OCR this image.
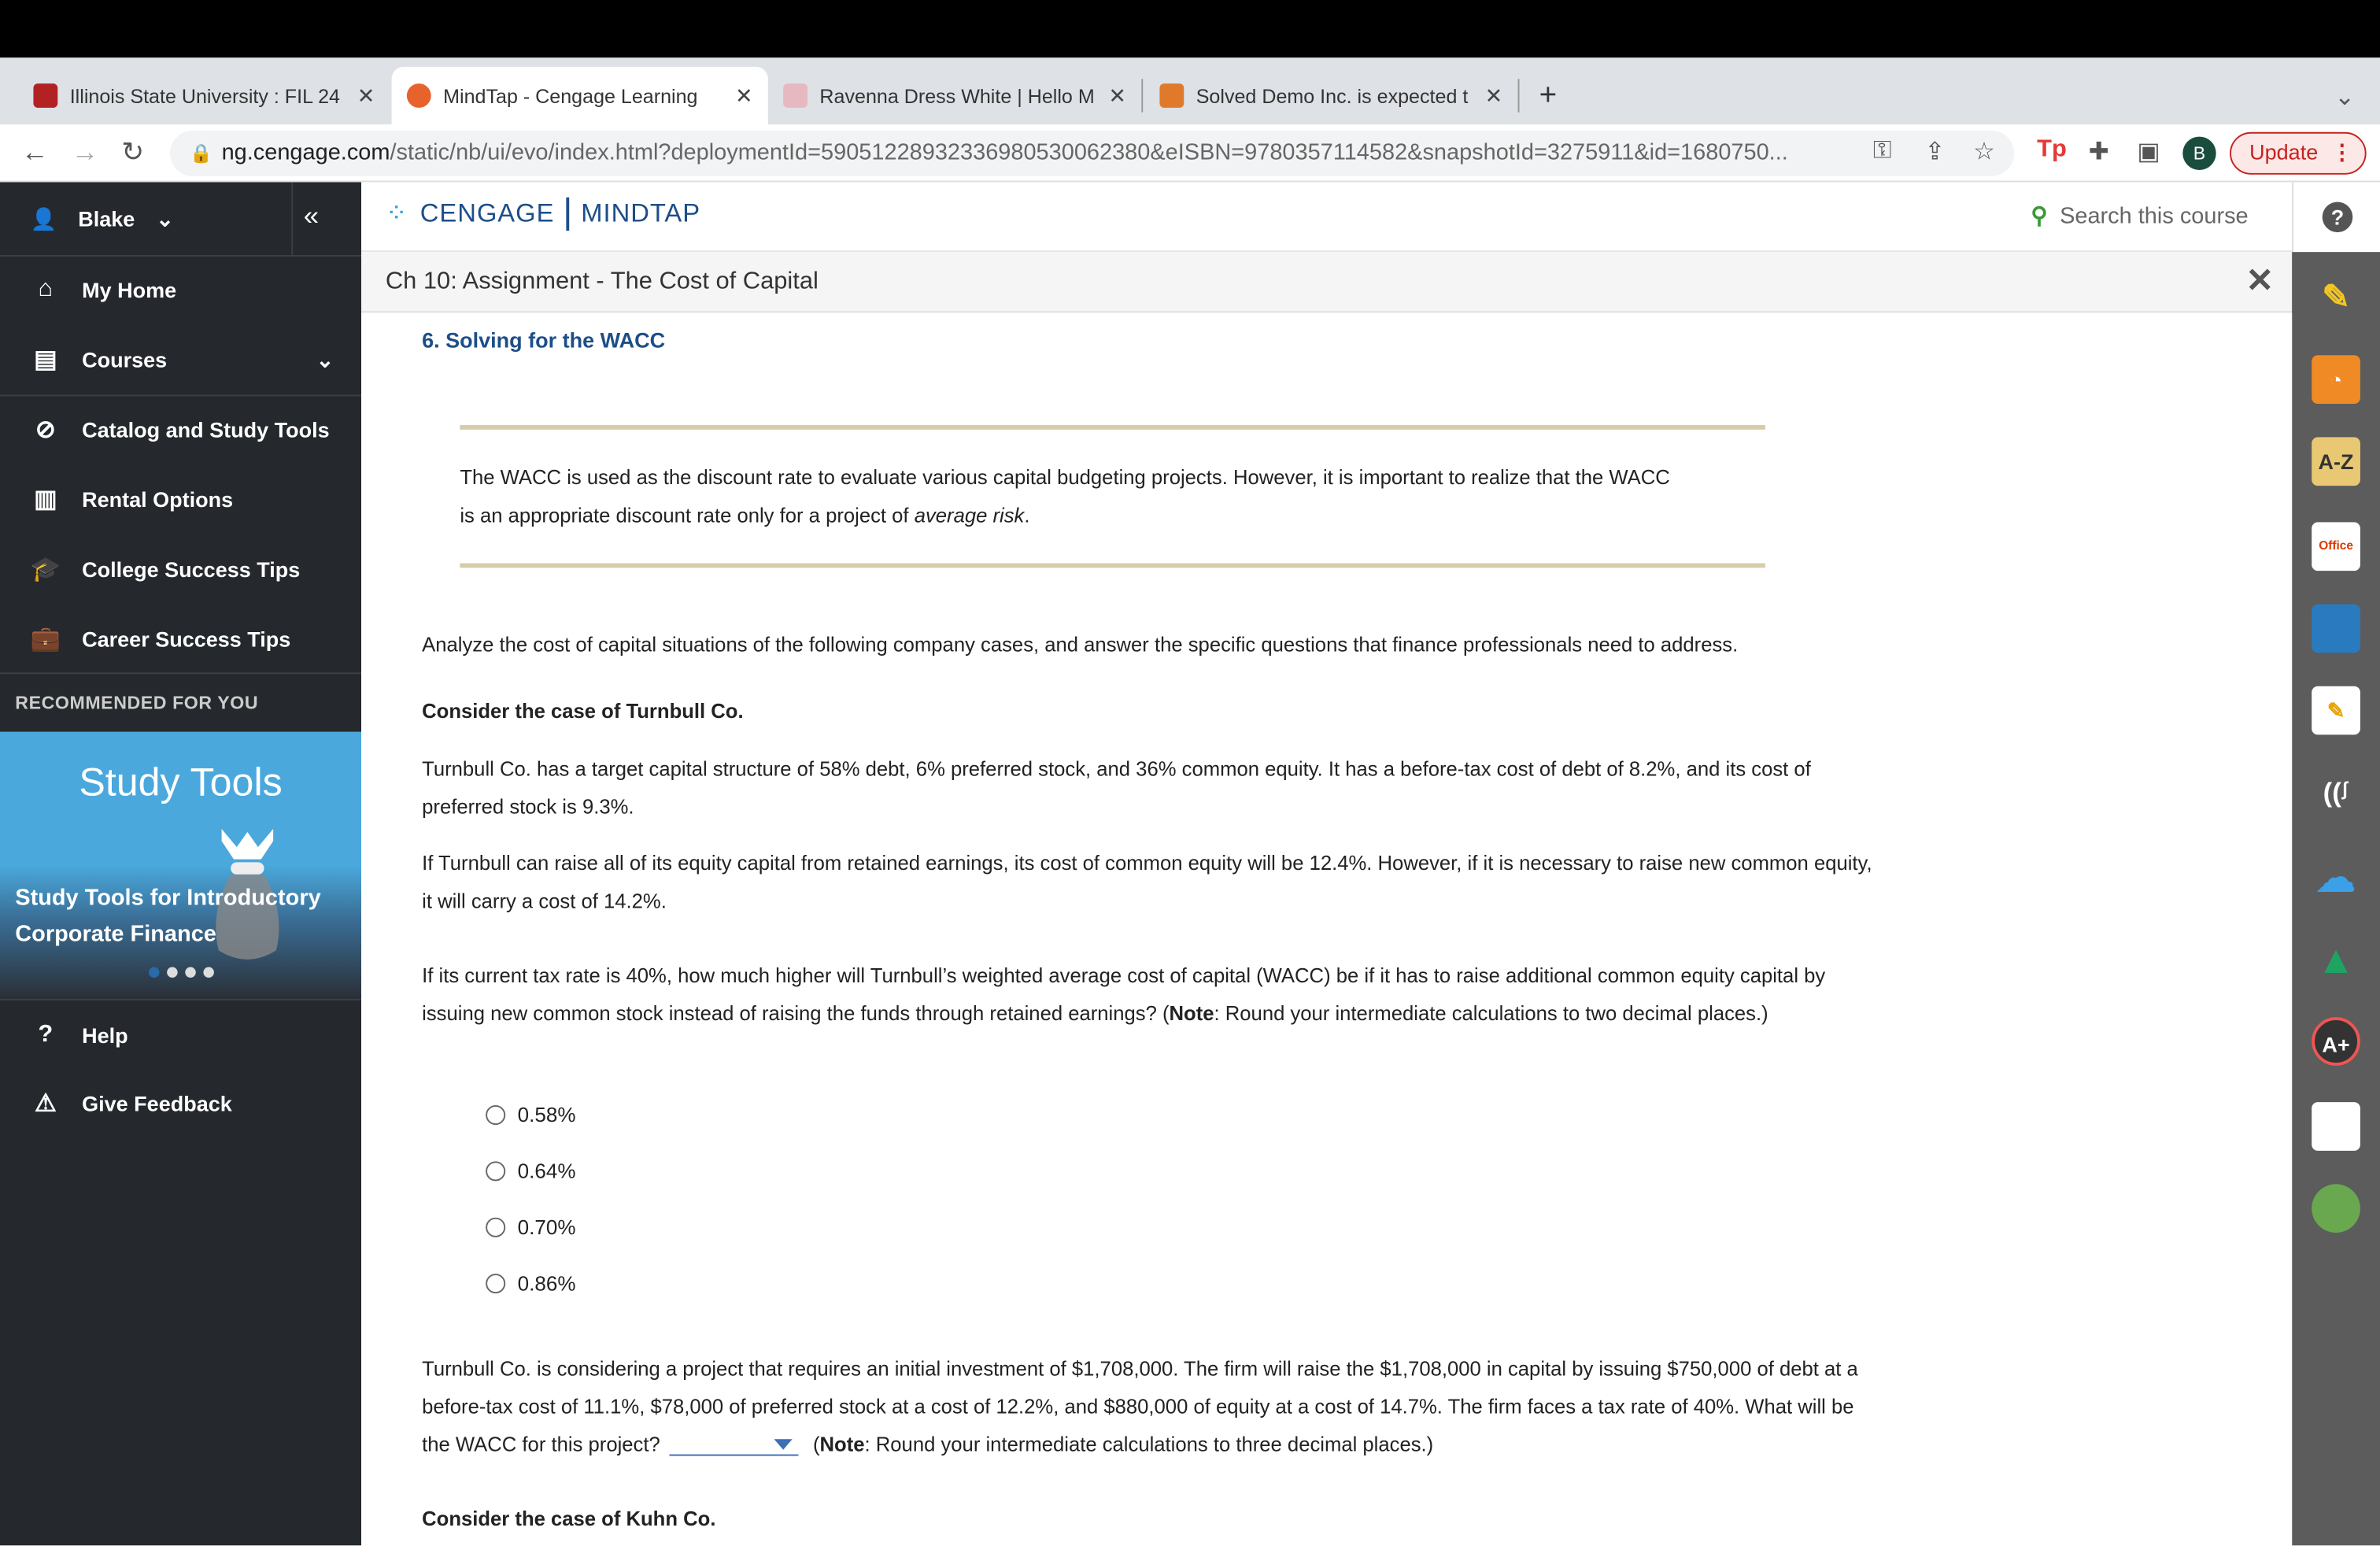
Illinois State University : FIL 24	✕	MindTap - Cengage Learning	✕	Ravenna Dress White | Hello M ✕	Solved Demo Inc. is expected t	✕ +	⌄
← → ↻	🔒 ng.cengage.com/static/nb/ui/evo/index.html?deploymentId=5905122893233698053006238​0&eISBN=9780357114582&snapshotId=3275911&id=1680750...	⚿	⇪ ☆	Tp ✚ ▣	B	Update ⋮
👤 Blake ⌄	«
⌂	My Home
▤	Courses	⌄
⊘	Catalog and Study Tools
▥	Rental Options
🎓 College Success Tips
💼 Career Success Tips
RECOMMENDED FOR YOU
Study Tools
Study Tools for Introductory
Corporate Finance
?	Help
⚠	Give Feedback
⁘ CENGAGE MINDTAP	⚲ Search this course	?
Ch 10: Assignment - The Cost of Capital	✕	✎
◔
A-Z
Office
✎
((ᶴ
☁
▲
A+
6. Solving for the WACC
The WACC is used as the discount rate to evaluate various capital budgeting projects. However, it is important to realize that the WACC
is an appropriate discount rate only for a project of average risk.
Analyze the cost of capital situations of the following company cases, and answer the specific questions that finance professionals need to address.
Consider the case of Turnbull Co.
Turnbull Co. has a target capital structure of 58% debt, 6% preferred stock, and 36% common equity. It has a before-tax cost of debt of 8.2%, and its cost of preferred stock is 9.3%.
If Turnbull can raise all of its equity capital from retained earnings, its cost of common equity will be 12.4%. However, if it is necessary to raise new common equity, it will carry a cost of 14.2%.
If its current tax rate is 40%, how much higher will Turnbull’s weighted average cost of capital (WACC) be if it has to raise additional common equity capital by issuing new common stock instead of raising the funds through retained earnings? (Note: Round your intermediate calculations to two decimal places.)
0.58%
0.64%
0.70%
0.86%
Turnbull Co. is considering a project that requires an initial investment of $1,708,000. The firm will raise the $1,708,000 in capital by issuing $750,000 of debt at a before-tax cost of 11.1%, $78,000 of preferred stock at a cost of 12.2%, and $880,000 of equity at a cost of 14.7%. The firm faces a tax rate of 40%. What will be the WACC for this project?	(Note: Round your intermediate calculations to three decimal places.)
Consider the case of Kuhn Co.
